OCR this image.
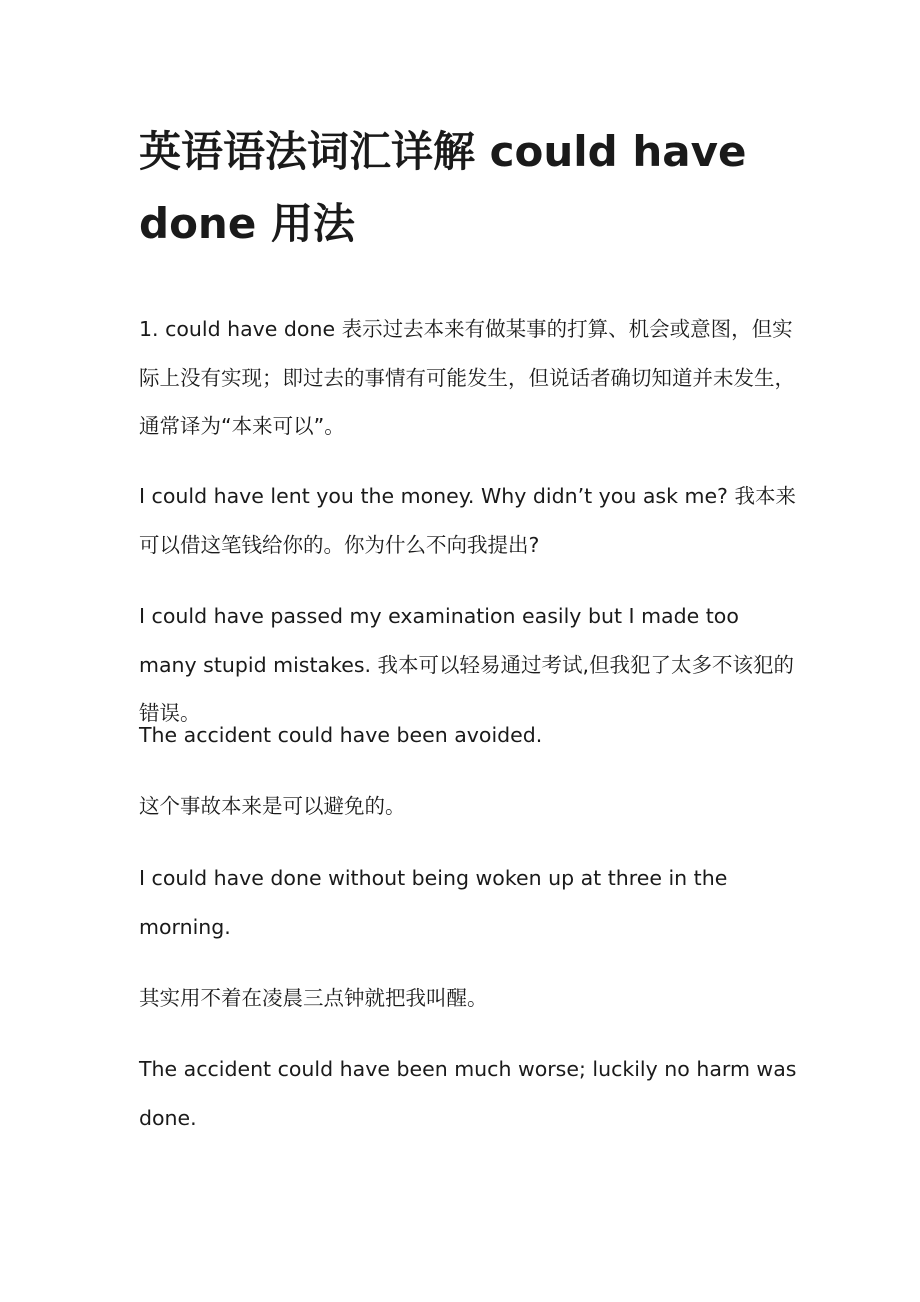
英语语法词汇详解 could have done 用法

1. could have done 表示过去本来有做某事的打算、机会或意图，但实际上没有实现；即过去的事情有可能发生，但说话者确切知道并未发生，通常译为“本来可以”。

I could have lent you the money. Why didn’t you ask me? 我本来可以借这笔钱给你的。你为什么不向我提出?

I could have passed my examination easily but I made too many stupid mistakes. 我本可以轻易通过考试,但我犯了太多不该犯的错误。

The accident could have been avoided.

这个事故本来是可以避免的。

I could have done without being woken up at three in the morning.

其实用不着在凌晨三点钟就把我叫醒。

The accident could have been much worse; luckily no harm was done.
